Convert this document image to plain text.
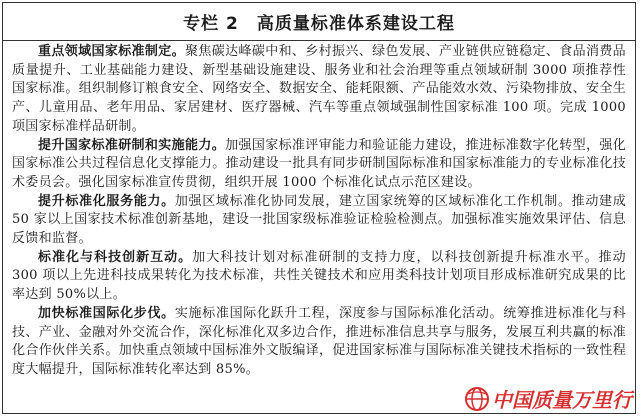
专栏 2　高质量标准体系建设工程

重点领域国家标准制定。聚焦碳达峰碳中和、乡村振兴、绿色发展、产业链供应链稳定、食品消费品质量提升、工业基础能力建设、新型基础设施建设、服务业和社会治理等重点领域研制 3000 项推荐性国家标准。组织制修订粮食安全、网络安全、数据安全、能耗限额、产品能效水效、污染物排放、安全生产、儿童用品、老年用品、家居建材、医疗器械、汽车等重点领域强制性国家标准 100 项。完成 1000 项国家标准样品研制。

提升国家标准研制和实施能力。加强国家标准评审能力和验证能力建设，推进标准数字化转型，强化国家标准公共过程信息化支撑能力。推动建设一批具有同步研制国际标准和国家标准能力的专业标准化技术委员会。强化国家标准宣传贯彻，组织开展 1000 个标准化试点示范区建设。

提升标准化服务能力。加强区域标准化协同发展，建立国家统筹的区域标准化工作机制。推动建成 50 家以上国家技术标准创新基地，建设一批国家级标准验证检验检测点。加强标准实施效果评估、信息反馈和监督。

标准化与科技创新互动。加大科技计划对标准研制的支持力度，以科技创新提升标准水平。推动 300 项以上先进科技成果转化为技术标准，共性关键技术和应用类科技计划项目形成标准研究成果的比率达到 50%以上。

加快标准国际化步伐。实施标准国际化跃升工程，深度参与国际标准化活动。统筹推进标准化与科技、产业、金融对外交流合作，深化标准化双多边合作，推进标准信息共享与服务，发展互利共赢的标准化合作伙伴关系。加快重点领域中国标准外文版编译，促进国家标准与国际标准关键技术指标的一致性程度大幅提升，国际标准转化率达到 85%。

中国质量万里行
